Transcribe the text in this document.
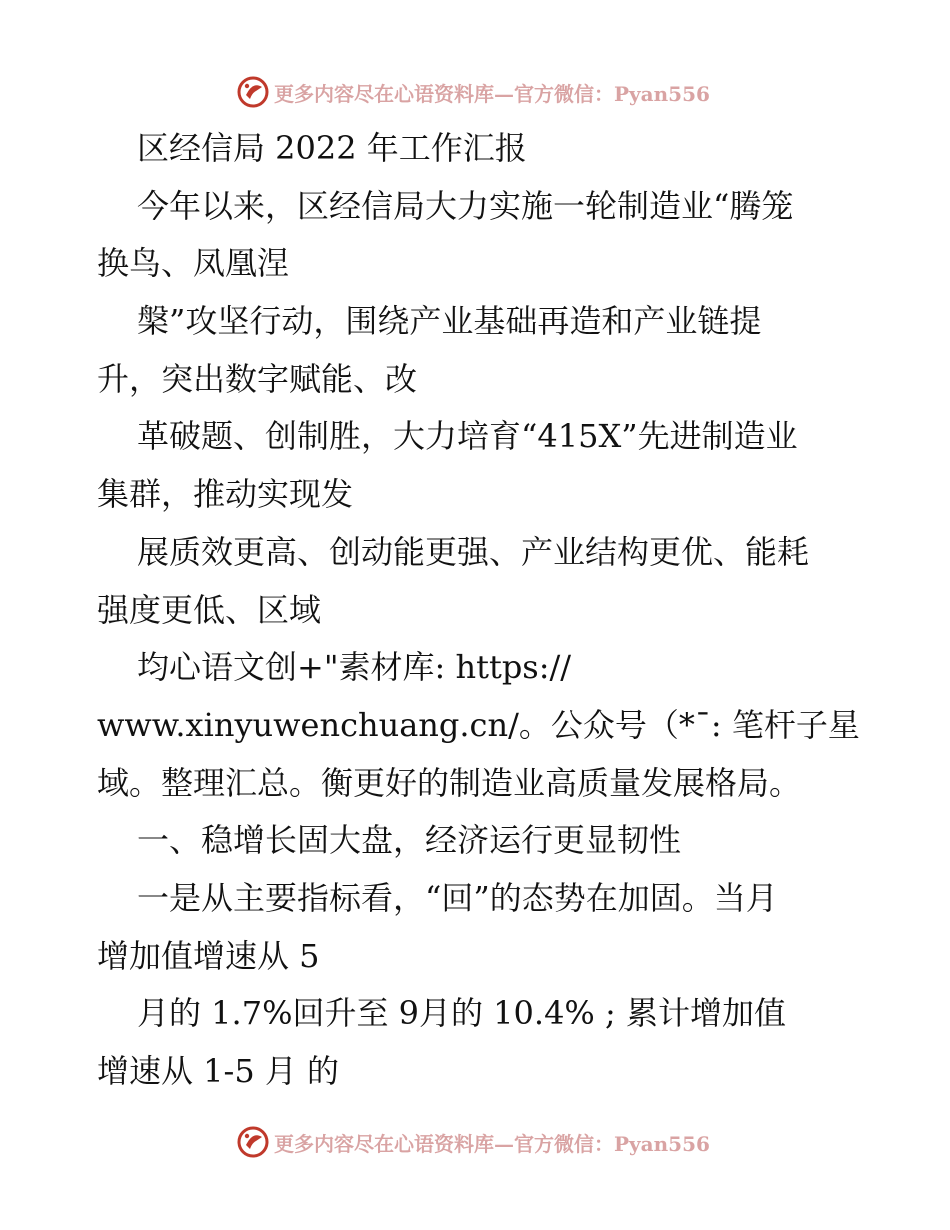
更多内容尽在心语资料库—官方微信：Pyan556
区经信局 2022 年工作汇报
今年以来，区经信局大力实施一轮制造业“腾笼
换鸟、凤凰涅
槃”攻坚行动，围绕产业基础再造和产业链提
升，突出数字赋能、改
革破题、创制胜，大力培育“415X”先进制造业
集群，推动实现发
展质效更高、创动能更强、产业结构更优、能耗
强度更低、区域
均心语文创+"素材库: https://
www.xinyuwenchuang.cn/。公众号（*¯: 笔杆子星
域。整理汇总。衡更好的制造业高质量发展格局。
一、稳增长固大盘，经济运行更显韧性
一是从主要指标看，“回”的态势在加固。当月
增加值增速从 5
月的 1.7%回升至 9月的 10.4% ; 累计增加值
增速从 1-5 月 的
更多内容尽在心语资料库—官方微信：Pyan556
